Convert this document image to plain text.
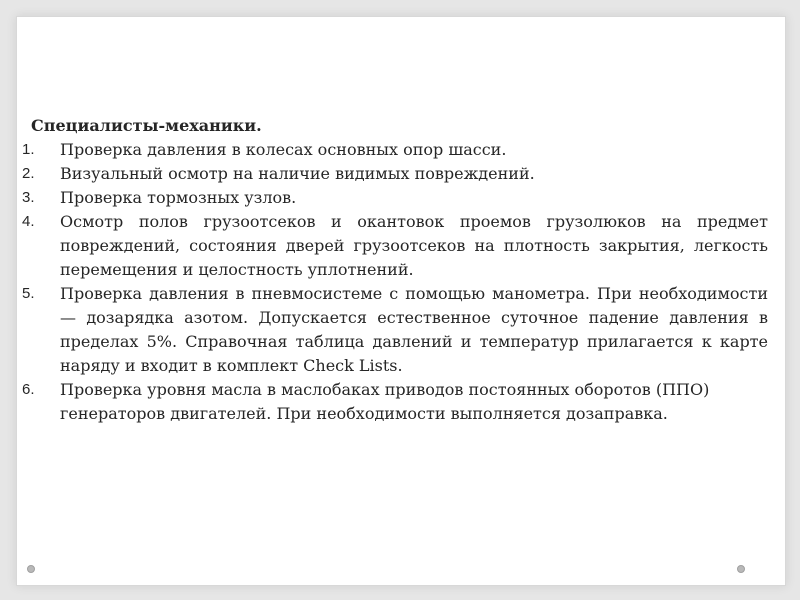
Специалисты-механики.

1. Проверка давления в колесах основных опор шасси.
2. Визуальный осмотр на наличие видимых повреждений.
3. Проверка тормозных узлов.
4. Осмотр полов грузоотсеков и окантовок проемов грузолюков на предмет повреждений, состояния дверей грузоотсеков на плотность закрытия, легкость перемещения и целостность уплотнений.
5. Проверка давления в пневмосистеме с помощью манометра. При необходимости — дозарядка азотом. Допускается естественное суточное падение давления в пределах 5%. Справочная таблица давлений и температур прилагается к карте наряду и входит в комплект Check Lists.
6. Проверка уровня масла в маслобаках приводов постоянных оборотов (ППО) генераторов двигателей. При необходимости выполняется дозаправка.
